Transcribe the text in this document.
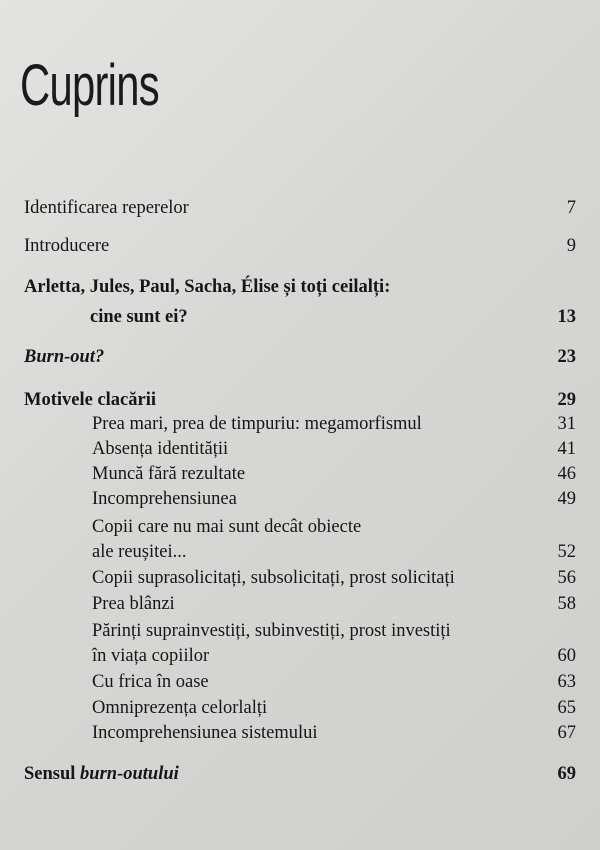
Cuprins
Identificarea reperelor	7
Introducere	9
Arletta, Jules, Paul, Sacha, Élise și toți ceilalți:
cine sunt ei?	13
Burn-out?	23
Motivele clacării	29
Prea mari, prea de timpuriu: megamorfismul	31
Absența identității	41
Muncă fără rezultate	46
Incomprehensiunea	49
Copii care nu mai sunt decât obiecte
ale reușitei...	52
Copii suprasolicitați, subsolicitați, prost solicitați	56
Prea blânzi	58
Părinți suprainvestiți, subinvestiți, prost investiți
în viața copiilor	60
Cu frica în oase	63
Omniprezența celorlalți	65
Incomprehensiunea sistemului	67
Sensul burn-outului	69
